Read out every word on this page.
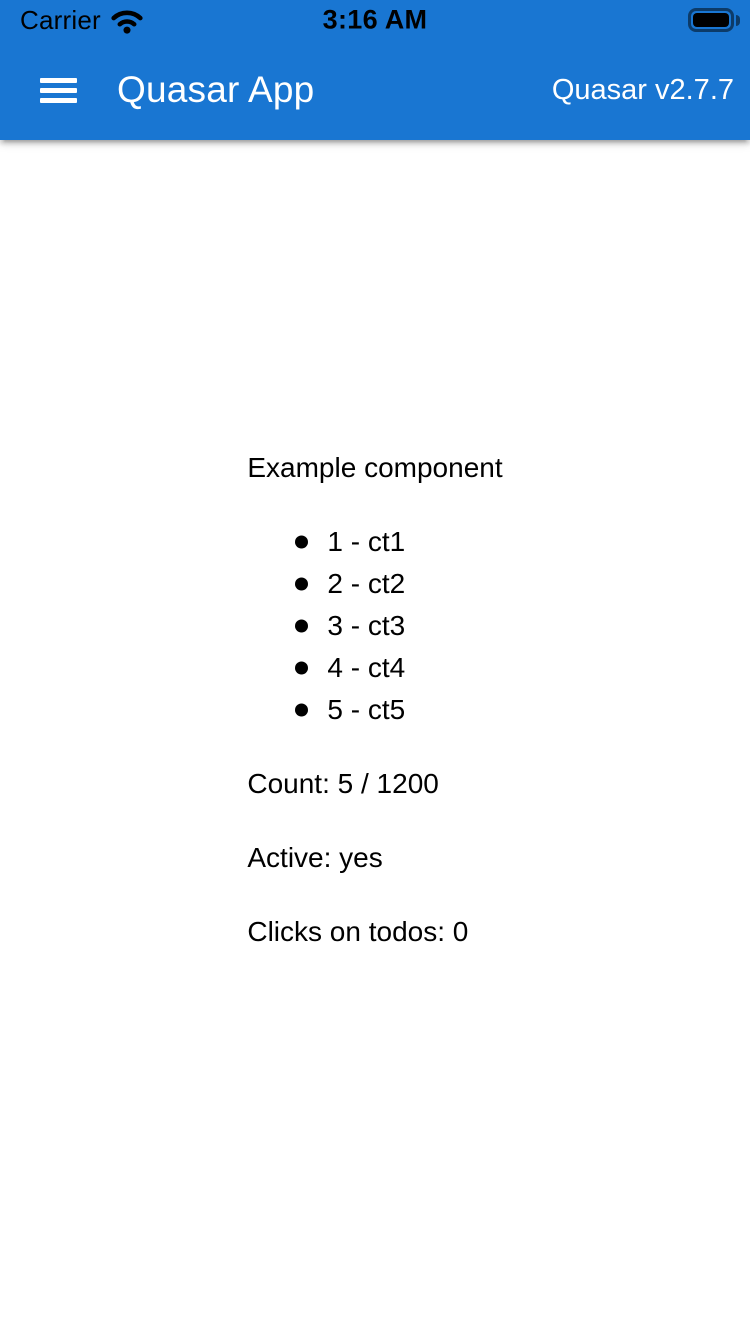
Carrier	3:16 AM
Quasar App	Quasar v2.7.7

Example component

1 - ct1
2 - ct2
3 - ct3
4 - ct4
5 - ct5

Count: 5 / 1200

Active: yes

Clicks on todos: 0
